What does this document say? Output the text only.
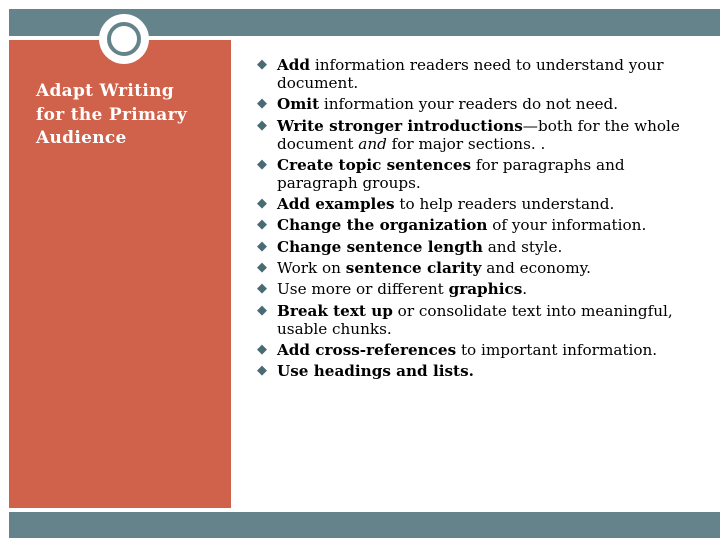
Adapt Writing
for the Primary
Audience
◆ Add information readers need to understand your document.
◆ Omit information your readers do not need.
◆ Write stronger introductions—both for the whole document and for major sections. .
◆ Create topic sentences for paragraphs and paragraph groups.
◆ Add examples to help readers understand.
◆ Change the organization of your information.
◆ Change sentence length and style.
◆ Work on sentence clarity and economy.
◆ Use more or different graphics.
◆ Break text up or consolidate text into meaningful, usable chunks.
◆ Add cross-references to important information.
◆ Use headings and lists.
